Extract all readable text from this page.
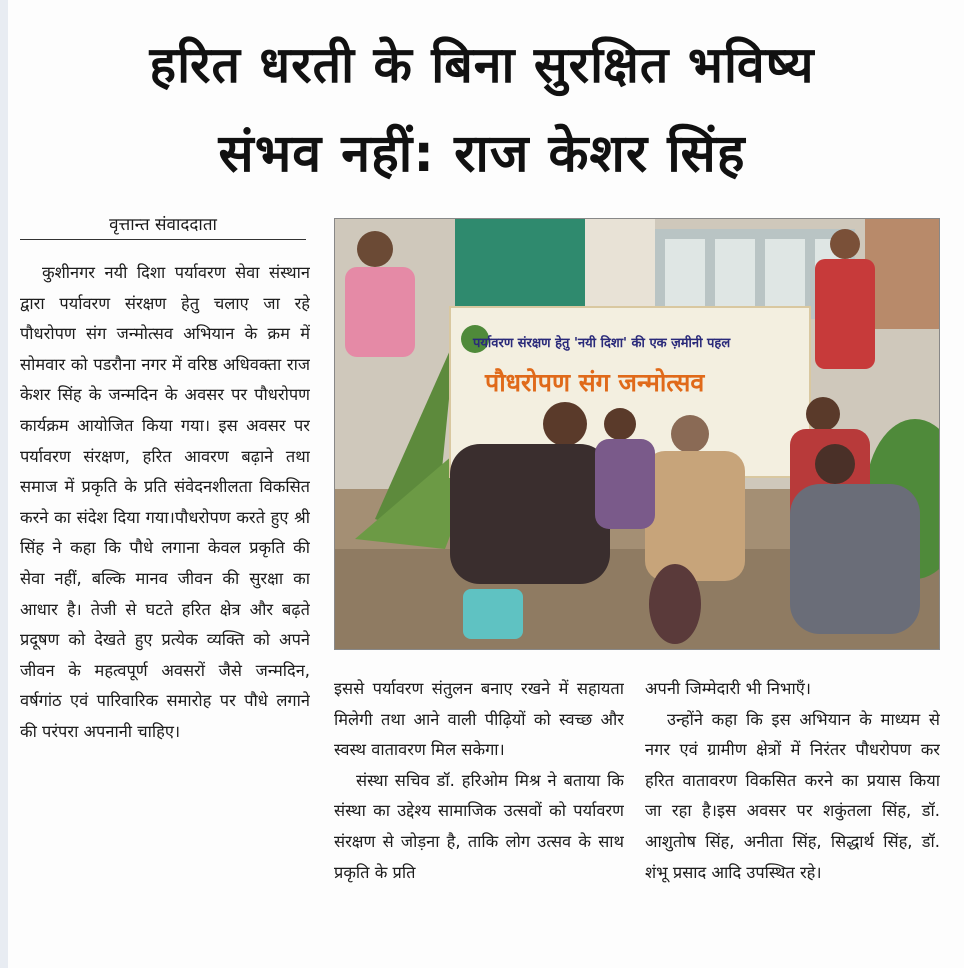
हरित धरती के बिना सुरक्षित भविष्य
संभव नहीं: राज केशर सिंह
वृत्तान्त संवाददाता

कुशीनगर नयी दिशा पर्यावरण सेवा संस्थान द्वारा पर्यावरण संरक्षण हेतु चलाए जा रहे पौधरोपण संग जन्मोत्सव अभियान के क्रम में सोमवार को पडरौना नगर में वरिष्ठ अधिवक्ता राज केशर सिंह के जन्मदिन के अवसर पर पौधरोपण कार्यक्रम आयोजित किया गया। इस अवसर पर पर्यावरण संरक्षण, हरित आवरण बढ़ाने तथा समाज में प्रकृति के प्रति संवेदनशीलता विकसित करने का संदेश दिया गया।पौधरोपण करते हुए श्री सिंह ने कहा कि पौधे लगाना केवल प्रकृति की सेवा नहीं, बल्कि मानव जीवन की सुरक्षा का आधार है। तेजी से घटते हरित क्षेत्र और बढ़ते प्रदूषण को देखते हुए प्रत्येक व्यक्ति को अपने जीवन के महत्वपूर्ण अवसरों जैसे जन्मदिन, वर्षगांठ एवं पारिवारिक समारोह पर पौधे लगाने की परंपरा अपनानी चाहिए।

पर्यावरण संरक्षण हेतु 'नयी दिशा' की एक ज़मीनी पहल
पौधरोपण संग जन्मोत्सव

इससे पर्यावरण संतुलन बनाए रखने में सहायता मिलेगी तथा आने वाली पीढ़ियों को स्वच्छ और स्वस्थ वातावरण मिल सकेगा।

संस्था सचिव डॉ. हरिओम मिश्र ने बताया कि संस्था का उद्देश्य सामाजिक उत्सवों को पर्यावरण संरक्षण से जोड़ना है, ताकि लोग उत्सव के साथ प्रकृति के प्रति

अपनी जिम्मेदारी भी निभाएँ।

उन्होंने कहा कि इस अभियान के माध्यम से नगर एवं ग्रामीण क्षेत्रों में निरंतर पौधरोपण कर हरित वातावरण विकसित करने का प्रयास किया जा रहा है।इस अवसर पर शकुंतला सिंह, डॉ. आशुतोष सिंह, अनीता सिंह, सिद्धार्थ सिंह, डॉ. शंभू प्रसाद आदि उपस्थित रहे।
